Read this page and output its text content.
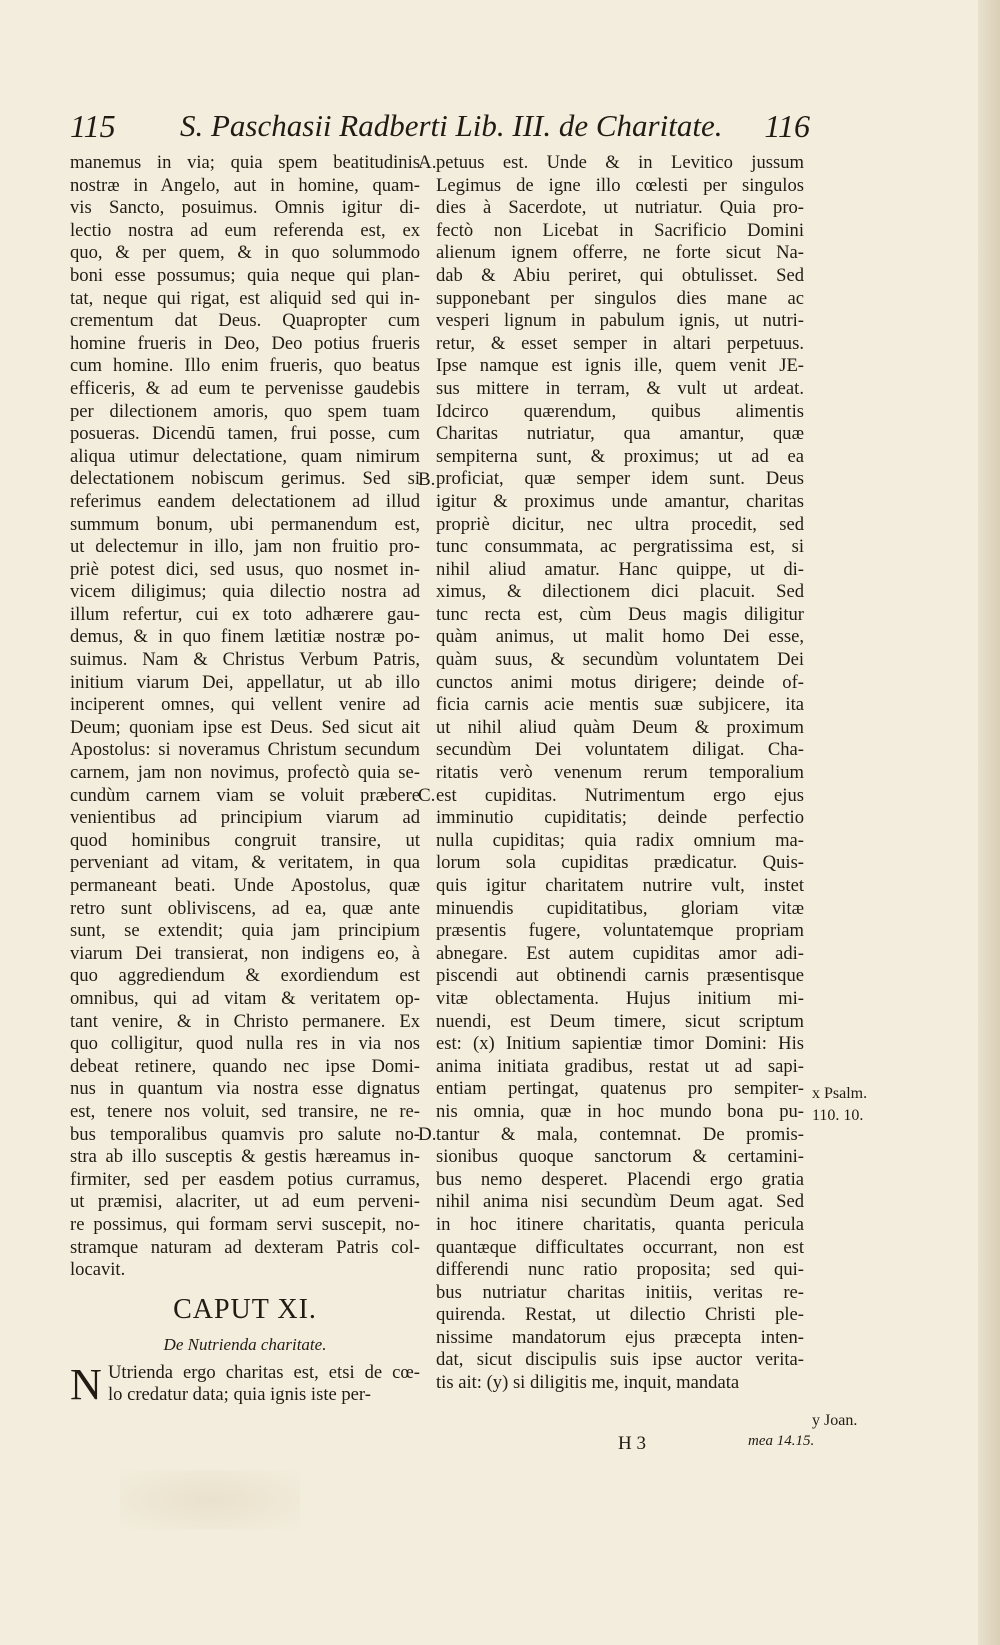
115 S. Paschasii Radberti Lib. III. de Charitate. 116
A.
B.
C.
D.
manemus in via; quia spem beatitudinis
nostræ in Angelo, aut in homine, quam-
vis Sancto, posuimus. Omnis igitur di-
lectio nostra ad eum referenda est, ex
quo, & per quem, & in quo solummodo
boni esse possumus; quia neque qui plan-
tat, neque qui rigat, est aliquid sed qui in-
crementum dat Deus. Quapropter cum
homine frueris in Deo, Deo potius frueris
cum homine. Illo enim frueris, quo beatus
efficeris, & ad eum te pervenisse gaudebis
per dilectionem amoris, quo spem tuam
posueras. Dicendū tamen, frui posse, cum
aliqua utimur delectatione, quam nimirum
delectationem nobiscum gerimus. Sed si
referimus eandem delectationem ad illud
summum bonum, ubi permanendum est,
ut delectemur in illo, jam non fruitio pro-
priè potest dici, sed usus, quo nosmet in-
vicem diligimus; quia dilectio nostra ad
illum refertur, cui ex toto adhærere gau-
demus, & in quo finem lætitiæ nostræ po-
suimus. Nam & Christus Verbum Patris,
initium viarum Dei, appellatur, ut ab illo
inciperent omnes, qui vellent venire ad
Deum; quoniam ipse est Deus. Sed sicut ait
Apostolus: si noveramus Christum secundum
carnem, jam non novimus, profectò quia se-
cundùm carnem viam se voluit præbere
venientibus ad principium viarum ad
quod hominibus congruit transire, ut
perveniant ad vitam, & veritatem, in qua
permaneant beati. Unde Apostolus, quæ
retro sunt obliviscens, ad ea, quæ ante
sunt, se extendit; quia jam principium
viarum Dei transierat, non indigens eo, à
quo aggrediendum & exordiendum est
omnibus, qui ad vitam & veritatem op-
tant venire, & in Christo permanere. Ex
quo colligitur, quod nulla res in via nos
debeat retinere, quando nec ipse Domi-
nus in quantum via nostra esse dignatus
est, tenere nos voluit, sed transire, ne re-
bus temporalibus quamvis pro salute no-
stra ab illo susceptis & gestis hæreamus in-
firmiter, sed per easdem potius curramus,
ut præmisi, alacriter, ut ad eum perveni-
re possimus, qui formam servi suscepit, no-
stramque naturam ad dexteram Patris col-
locavit.
CAPUT XI.
De Nutrienda charitate.
N Utrienda ergo charitas est, etsi de cœ-
lo credatur data; quia ignis iste per-
petuus est. Unde & in Levitico jussum
Legimus de igne illo cœlesti per singulos
dies à Sacerdote, ut nutriatur. Quia pro-
fectò non Licebat in Sacrificio Domini
alienum ignem offerre, ne forte sicut Na-
dab & Abiu periret, qui obtulisset. Sed
supponebant per singulos dies mane ac
vesperi lignum in pabulum ignis, ut nutri-
retur, & esset semper in altari perpetuus.
Ipse namque est ignis ille, quem venit JE-
sus mittere in terram, & vult ut ardeat.
Idcirco quærendum, quibus alimentis
Charitas nutriatur, qua amantur, quæ
sempiterna sunt, & proximus; ut ad ea
proficiat, quæ semper idem sunt. Deus
igitur & proximus unde amantur, charitas
propriè dicitur, nec ultra procedit, sed
tunc consummata, ac pergratissima est, si
nihil aliud amatur. Hanc quippe, ut di-
ximus, & dilectionem dici placuit. Sed
tunc recta est, cùm Deus magis diligitur
quàm animus, ut malit homo Dei esse,
quàm suus, & secundùm voluntatem Dei
cunctos animi motus dirigere; deinde of-
ficia carnis acie mentis suæ subjicere, ita
ut nihil aliud quàm Deum & proximum
secundùm Dei voluntatem diligat. Cha-
ritatis verò venenum rerum temporalium
est cupiditas. Nutrimentum ergo ejus
imminutio cupiditatis; deinde perfectio
nulla cupiditas; quia radix omnium ma-
lorum sola cupiditas prædicatur. Quis-
quis igitur charitatem nutrire vult, instet
minuendis cupiditatibus, gloriam vitæ
præsentis fugere, voluntatemque propriam
abnegare. Est autem cupiditas amor adi-
piscendi aut obtinendi carnis præsentisque
vitæ oblectamenta. Hujus initium mi-
nuendi, est Deum timere, sicut scriptum
est: (x) Initium sapientiæ timor Domini: His
anima initiata gradibus, restat ut ad sapi-
entiam pertingat, quatenus pro sempiter-
nis omnia, quæ in hoc mundo bona pu-
tantur & mala, contemnat. De promis-
sionibus quoque sanctorum & certamini-
bus nemo desperet. Placendi ergo gratia
nihil anima nisi secundùm Deum agat. Sed
in hoc itinere charitatis, quanta pericula
quantæque difficultates occurrant, non est
differendi nunc ratio proposita; sed qui-
bus nutriatur charitas initiis, veritas re-
quirenda. Restat, ut dilectio Christi ple-
nissime mandatorum ejus præcepta inten-
dat, sicut discipulis suis ipse auctor verita-
tis ait: (y) si diligitis me, inquit, mandata
x Psalm.
110. 10.
y Joan.
H 3	mea 14.15.
